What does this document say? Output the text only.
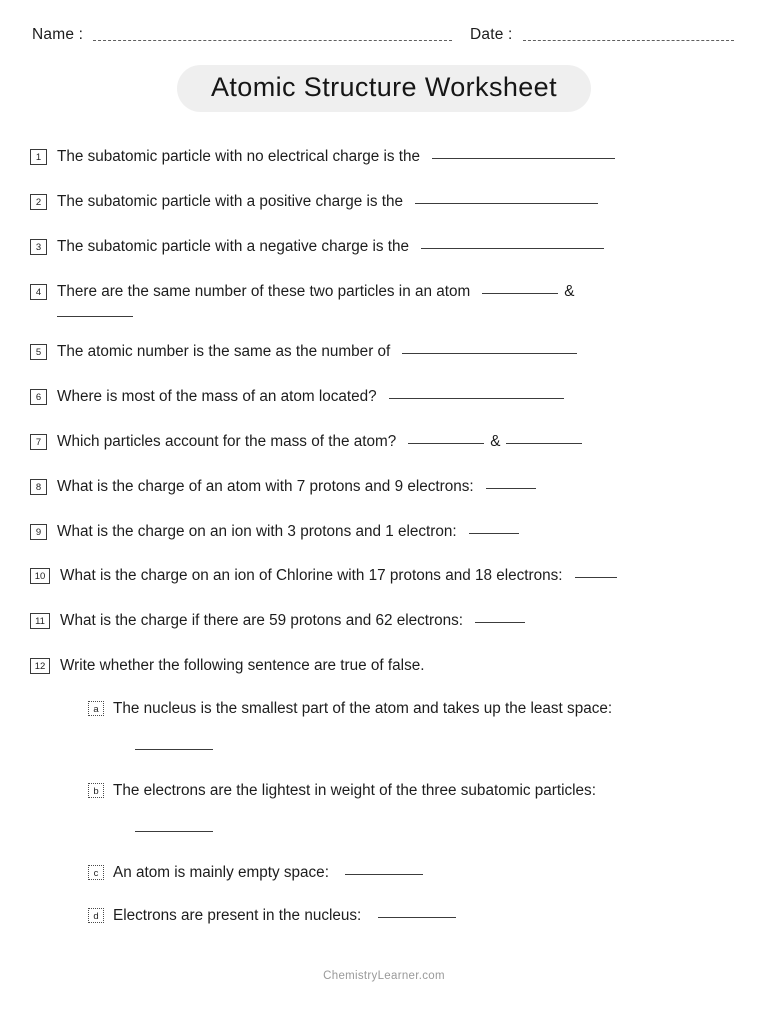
Name :	Date :
Atomic Structure Worksheet
1	The subatomic particle with no electrical charge is the
2	The subatomic particle with a positive charge is the
3	The subatomic particle with a negative charge is the
4	There are the same number of these two particles in an atom	&
5	The atomic number is the same as the number of
6	Where is most of the mass of an atom located?
7	Which particles account for the mass of the atom?	&
8	What is the charge of an atom with 7 protons and 9 electrons:
9	What is the charge on an ion with 3 protons and 1 electron:
10 What is the charge on an ion of Chlorine with 17 protons and 18 electrons:
11 What is the charge if there are 59 protons and 62 electrons:
12 Write whether the following sentence are true of false.
a The nucleus is the smallest part of the atom and takes up the least space:
b The electrons are the lightest in weight of the three subatomic particles:
c An atom is mainly empty space:
d Electrons are present in the nucleus:
ChemistryLearner.com
